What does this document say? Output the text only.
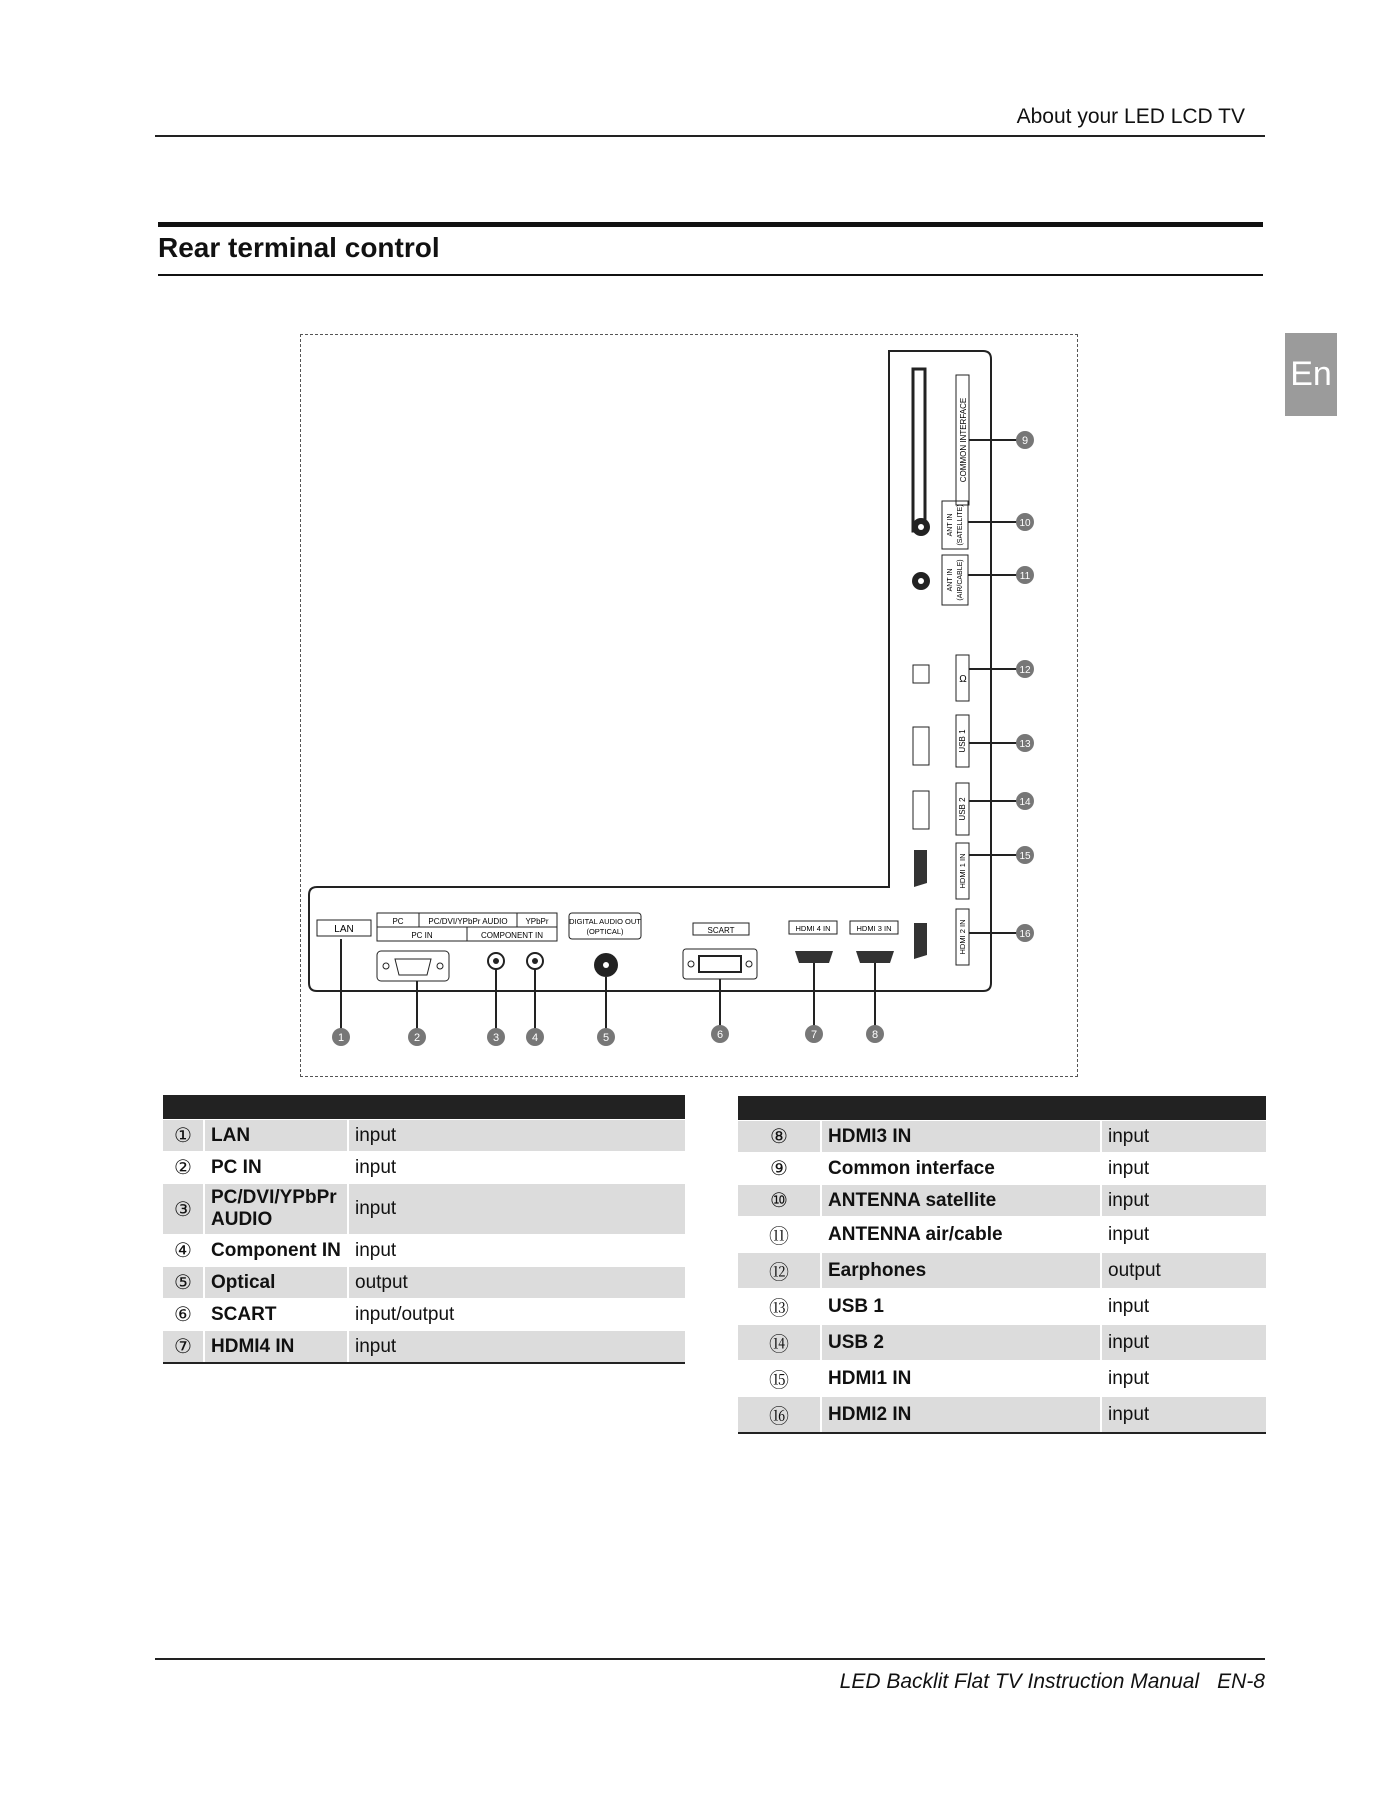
About your LED LCD TV
Rear terminal control
En
LAN
PC	PC/DVI/YPbPr AUDIO YPbPr
PC IN	COMPONENT IN
DIGITAL AUDIO OUT
(OPTICAL)	SCART	HDMI 4 IN	HDMI 3 IN
COMMON INTERFACE
ANT IN (SATELLITE)
ANT IN (AIR/CABLE)
Ω
USB 1
USB 2
HDMI 1 IN
HDMI 2 IN
1	2	3	4	5	6	7	8
9
10
11
12
13
14
15
16

①	LAN	input
②	PC IN	input
③	PC/DVI/YPbPr AUDIO	input
④	Component IN	input
⑤	Optical	output
⑥	SCART	input/output
⑦	HDMI4 IN	input

⑧	HDMI3 IN	input
⑨	Common interface	input
⑩	ANTENNA satellite	input
⑪	ANTENNA air/cable	input
⑫	Earphones	output
⑬	USB 1	input
⑭	USB 2	input
⑮	HDMI1 IN	input
⑯	HDMI2 IN	input
LED Backlit Flat TV Instruction Manual EN-8
